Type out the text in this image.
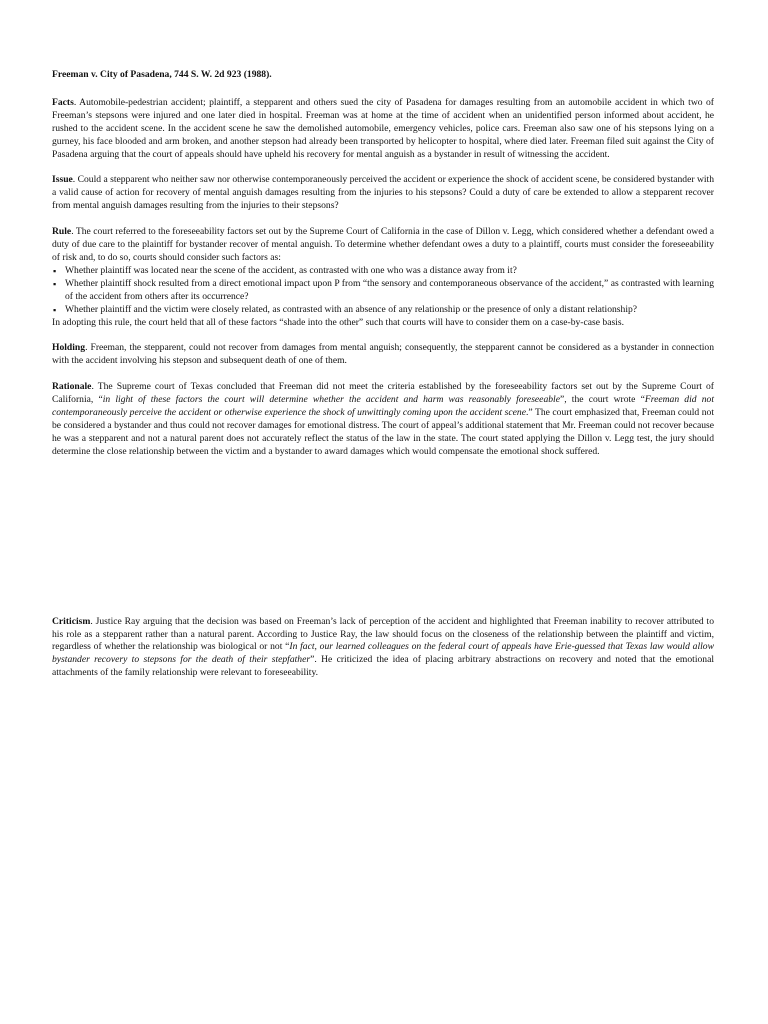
Freeman v. City of Pasadena, 744 S. W. 2d 923 (1988).

Facts. Automobile-pedestrian accident; plaintiff, a stepparent and others sued the city of Pasadena for damages resulting from an automobile accident in which two of Freeman’s stepsons were injured and one later died in hospital. Freeman was at home at the time of accident when an unidentified person informed about accident, he rushed to the accident scene. In the accident scene he saw the demolished automobile, emergency vehicles, police cars. Freeman also saw one of his stepsons lying on a gurney, his face blooded and arm broken, and another stepson had already been transported by helicopter to hospital, where died later. Freeman filed suit against the City of Pasadena arguing that the court of appeals should have upheld his recovery for mental anguish as a bystander in result of witnessing the accident.

Issue. Could a stepparent who neither saw nor otherwise contemporaneously perceived the accident or experience the shock of accident scene, be considered bystander with a valid cause of action for recovery of mental anguish damages resulting from the injuries to his stepsons? Could a duty of care be extended to allow a stepparent recover from mental anguish damages resulting from the injuries to their stepsons?

Rule. The court referred to the foreseeability factors set out by the Supreme Court of California in the case of Dillon v. Legg, which considered whether a defendant owed a duty of due care to the plaintiff for bystander recover of mental anguish. To determine whether defendant owes a duty to a plaintiff, courts must consider the foreseeability of risk and, to do so, courts should consider such factors as:

▪ Whether plaintiff was located near the scene of the accident, as contrasted with one who was a distance away from it?
▪ Whether plaintiff shock resulted from a direct emotional impact upon P from “the sensory and contemporaneous observance of the accident,” as contrasted with learning of the accident from others after its occurrence?
▪ Whether plaintiff and the victim were closely related, as contrasted with an absence of any relationship or the presence of only a distant relationship?

In adopting this rule, the court held that all of these factors “shade into the other” such that courts will have to consider them on a case-by-case basis.

Holding. Freeman, the stepparent, could not recover from damages from mental anguish; consequently, the stepparent cannot be considered as a bystander in connection with the accident involving his stepson and subsequent death of one of them.

Rationale. The Supreme court of Texas concluded that Freeman did not meet the criteria established by the foreseeability factors set out by the Supreme Court of California, “in light of these factors the court will determine whether the accident and harm was reasonably foreseeable”, the court wrote “Freeman did not contemporaneously perceive the accident or otherwise experience the shock of unwittingly coming upon the accident scene.” The court emphasized that, Freeman could not be considered a bystander and thus could not recover damages for emotional distress. The court of appeal’s additional statement that Mr. Freeman could not recover because he was a stepparent and not a natural parent does not accurately reflect the status of the law in the state. The court stated applying the Dillon v. Legg test, the jury should determine the close relationship between the victim and a bystander to award damages which would compensate the emotional shock suffered.

Criticism. Justice Ray arguing that the decision was based on Freeman’s lack of perception of the accident and highlighted that Freeman inability to recover attributed to his role as a stepparent rather than a natural parent. According to Justice Ray, the law should focus on the closeness of the relationship between the plaintiff and victim, regardless of whether the relationship was biological or not “In fact, our learned colleagues on the federal court of appeals have Erie-guessed that Texas law would allow bystander recovery to stepsons for the death of their stepfather”. He criticized the idea of placing arbitrary abstractions on recovery and noted that the emotional attachments of the family relationship were relevant to foreseeability.
